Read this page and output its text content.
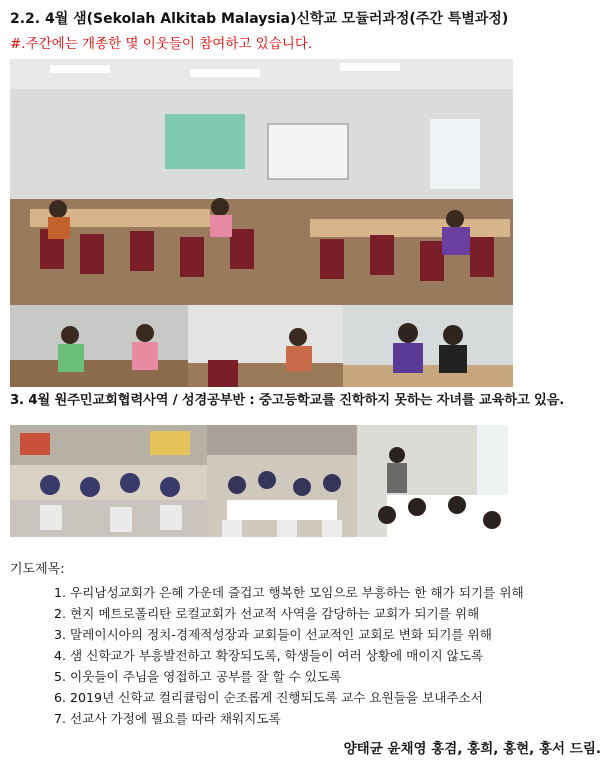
2.2. 4월 샘(Sekolah Alkitab Malaysia)신학교 모듈러과정(주간 특별과정)
#.주간에는 개종한 몇 이웃들이 참여하고 있습니다.
3. 4월 원주민교회협력사역 / 성경공부반 : 중고등학교를 진학하지 못하는 자녀를 교육하고 있음.
기도제목:
1. 우리남성교회가 은혜 가운데 즐겁고 행복한 모임으로 부흥하는 한 해가 되기를 위해
2. 현지 메트로폴리탄 로컬교회가 선교적 사역을 감당하는 교회가 되기를 위해
3. 말레이시아의 정치-경제적성장과 교회들이 선교적인 교회로 변화 되기를 위해
4. 샘 신학교가 부흥발전하고 확장되도록, 학생들이 여러 상황에 매이지 않도록
5. 이웃들이 주님을 영접하고 공부를 잘 할 수 있도록
6. 2019년 신학교 컬리큘럼이 순조롭게 진행되도록 교수 요원들을 보내주소서
7. 선교사 가정에 필요를 따라 채워지도록
양태균 윤채영 홍겸, 홍희, 홍현, 홍서 드림.
